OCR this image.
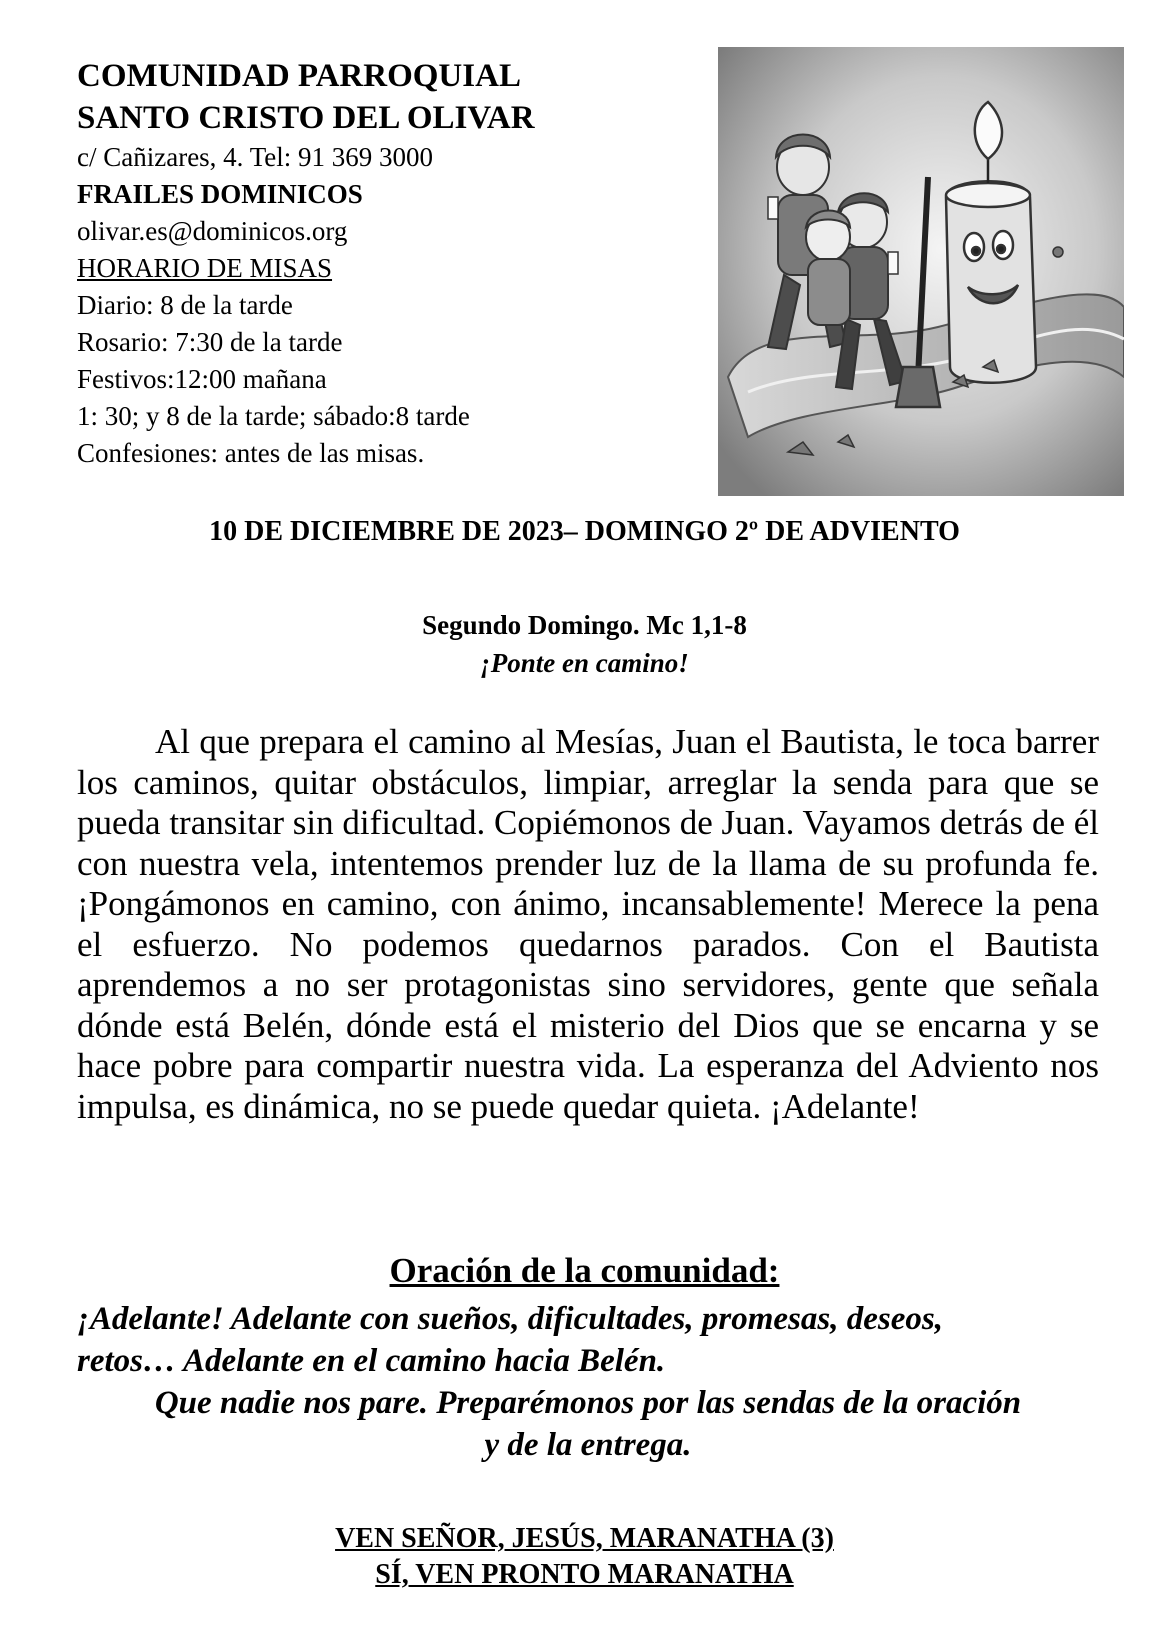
COMUNIDAD PARROQUIAL

SANTO CRISTO DEL OLIVAR

c/ Cañizares, 4. Tel: 91 369 3000

FRAILES DOMINICOS

olivar.es@dominicos.org

HORARIO DE MISAS

Diario: 8 de la tarde

Rosario: 7:30 de la tarde

Festivos:12:00 mañana

1: 30; y 8 de la tarde; sábado:8 tarde

Confesiones: antes de las misas.

10 DE DICIEMBRE DE 2023– DOMINGO 2º DE ADVIENTO

Segundo Domingo. Mc 1,1-8

¡Ponte en camino!

Al que prepara el camino al Mesías, Juan el Bautista, le toca barrer los caminos, quitar obstáculos, limpiar, arreglar la senda para que se pueda transitar sin dificultad. Copiémonos de Juan. Vayamos detrás de él con nuestra vela, intentemos prender luz de la llama de su profunda fe. ¡Pongámonos en camino, con ánimo, incansablemente! Merece la pena el esfuerzo. No podemos quedarnos parados. Con el Bautista aprendemos a no ser protagonistas sino servidores, gente que señala dónde está Belén, dónde está el misterio del Dios que se encarna y se hace pobre para compartir nuestra vida. La esperanza del Adviento nos impulsa, es dinámica, no se puede quedar quieta. ¡Adelante!

Oración de la comunidad:

¡Adelante! Adelante con sueños, dificultades, promesas, deseos,
retos… Adelante en el camino hacia Belén.
Que nadie nos pare. Preparémonos por las sendas de la oración
y de la entrega.

VEN SEÑOR, JESÚS, MARANATHA (3)
SÍ, VEN PRONTO MARANATHA
